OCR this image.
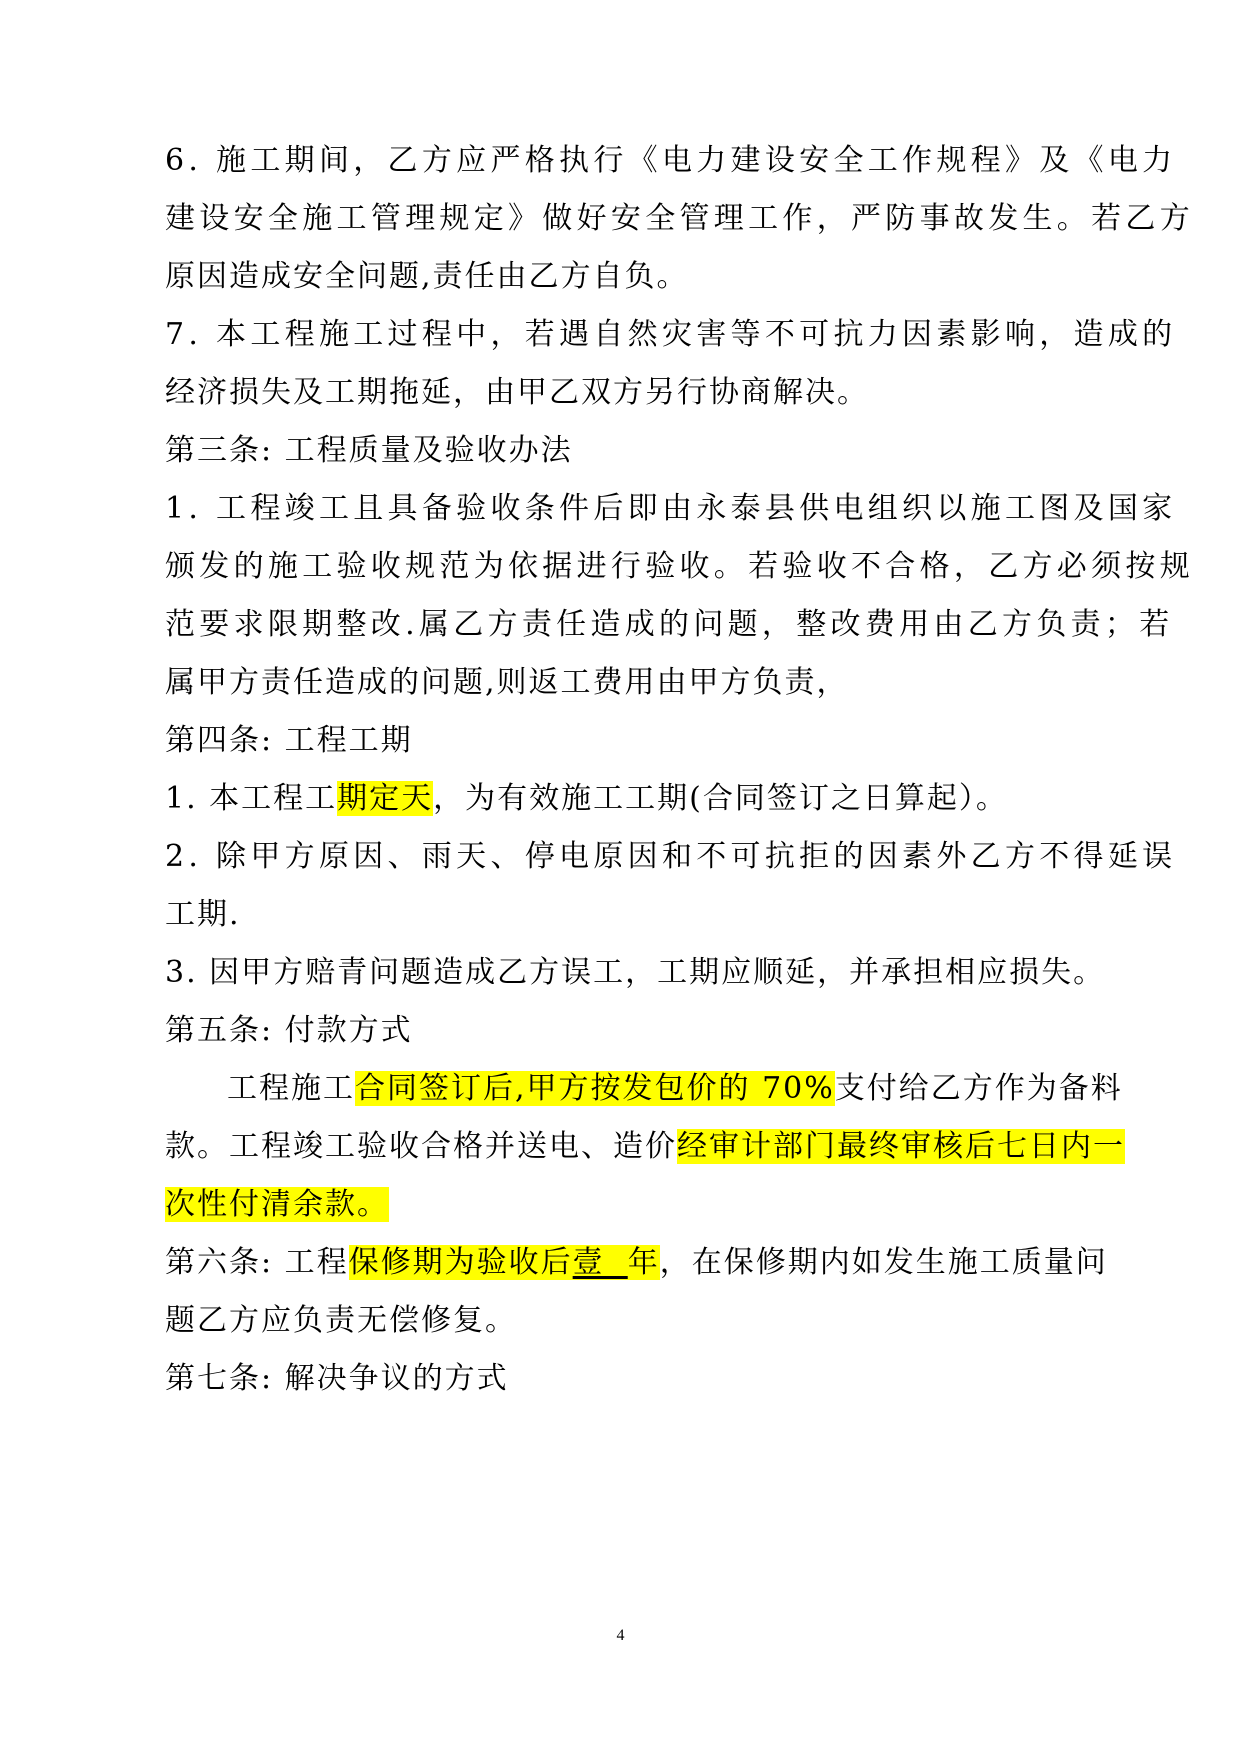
6. 施工期间，乙方应严格执行《电力建设安全工作规程》及《电力
建设安全施工管理规定》做好安全管理工作，严防事故发生。若乙方
原因造成安全问题,责任由乙方自负。
7. 本工程施工过程中，若遇自然灾害等不可抗力因素影响，造成的
经济损失及工期拖延，由甲乙双方另行协商解决。
第三条: 工程质量及验收办法
1. 工程竣工且具备验收条件后即由永泰县供电组织以施工图及国家
颁发的施工验收规范为依据进行验收。若验收不合格，乙方必须按规
范要求限期整改.属乙方责任造成的问题，整改费用由乙方负责；若
属甲方责任造成的问题,则返工费用由甲方负责，
第四条: 工程工期
1. 本工程工期定天，为有效施工工期(合同签订之日算起）。
2. 除甲方原因、雨天、停电原因和不可抗拒的因素外乙方不得延误
工期.
3. 因甲方赔青问题造成乙方误工，工期应顺延，并承担相应损失。
第五条: 付款方式
工程施工合同签订后,甲方按发包价的 70%支付给乙方作为备料
款。工程竣工验收合格并送电、造价经审计部门最终审核后七日内一
次性付清余款。
第六条: 工程保修期为验收后壹  年，在保修期内如发生施工质量问
题乙方应负责无偿修复。
第七条: 解决争议的方式
4
